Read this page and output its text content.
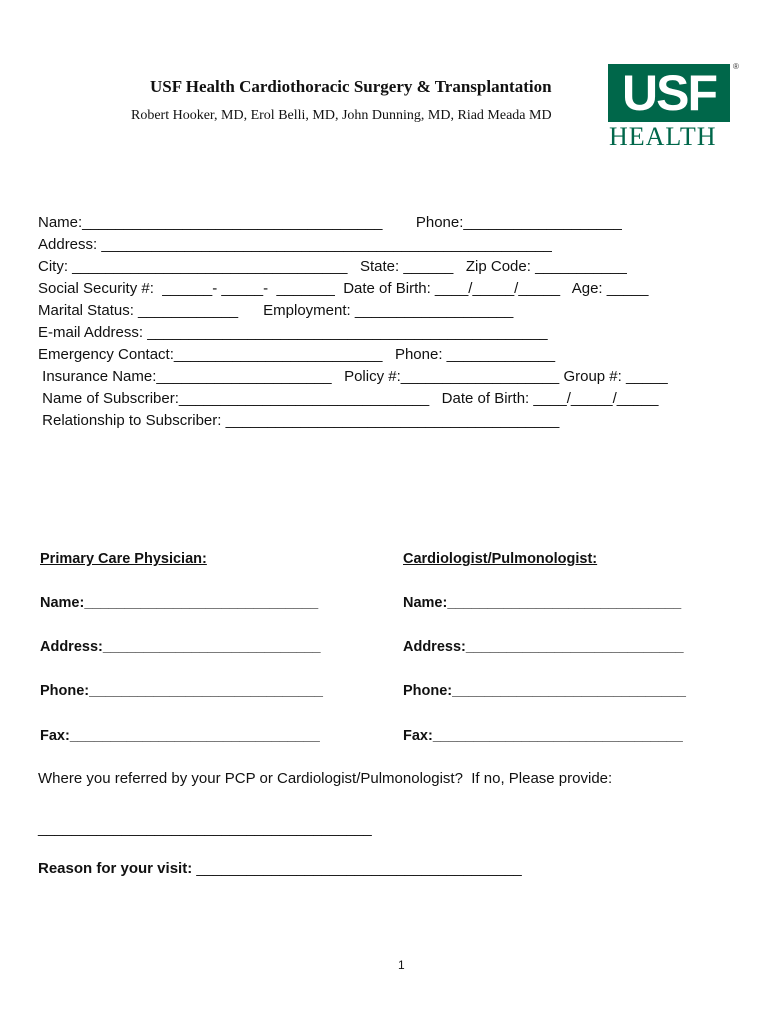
USF Health Cardiothoracic Surgery & Transplantation
Robert Hooker, MD, Erol Belli, MD, John Dunning, MD, Riad Meada MD USF
HEALTH
®
Name:____________________________________        Phone:___________________
Address: ______________________________________________________
City: _________________________________   State: ______   Zip Code: ___________
Social Security #:  ______- _____-  _______  Date of Birth: ____/_____/_____   Age: _____
Marital Status: ____________      Employment: ___________________
E-mail Address: ________________________________________________
Emergency Contact:_________________________   Phone: _____________
Insurance Name:_____________________   Policy #:___________________ Group #: _____
Name of Subscriber:______________________________   Date of Birth: ____/_____/_____
Relationship to Subscriber: ________________________________________
Primary Care Physician:
Name:_____________________________
Address:___________________________
Phone:_____________________________
Fax:_______________________________
Cardiologist/Pulmonologist:
Name:_____________________________
Address:___________________________
Phone:_____________________________
Fax:_______________________________
Where you referred by your PCP or Cardiologist/Pulmonologist?  If no, Please provide:
________________________________________
Reason for your visit: _______________________________________
1
